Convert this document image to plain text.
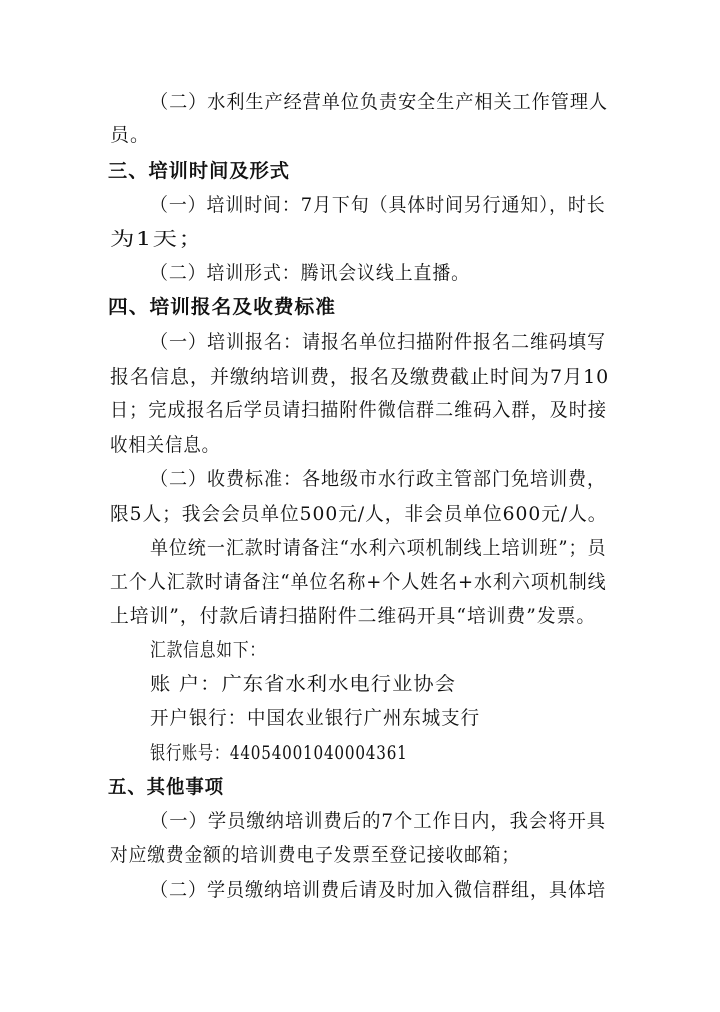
（二）水利生产经营单位负责安全生产相关工作管理人

员。

三、培训时间及形式

（一）培训时间：7月下旬（具体时间另行通知），时长

为1天；

（二）培训形式：腾讯会议线上直播。

四、培训报名及收费标准

（一）培训报名：请报名单位扫描附件报名二维码填写

报名信息，并缴纳培训费，报名及缴费截止时间为7月10

日；完成报名后学员请扫描附件微信群二维码入群，及时接

收相关信息。

（二）收费标准：各地级市水行政主管部门免培训费，

限5人；我会会员单位500元/人，非会员单位600元/人。

单位统一汇款时请备注“水利六项机制线上培训班”；员

工个人汇款时请备注“单位名称+个人姓名+水利六项机制线

上培训”，付款后请扫描附件二维码开具“培训费”发票。

汇款信息如下：

账 户：广东省水利水电行业协会

开户银行：中国农业银行广州东城支行

银行账号：44054001040004361

五、其他事项

（一）学员缴纳培训费后的7个工作日内，我会将开具

对应缴费金额的培训费电子发票至登记接收邮箱；

（二）学员缴纳培训费后请及时加入微信群组，具体培
